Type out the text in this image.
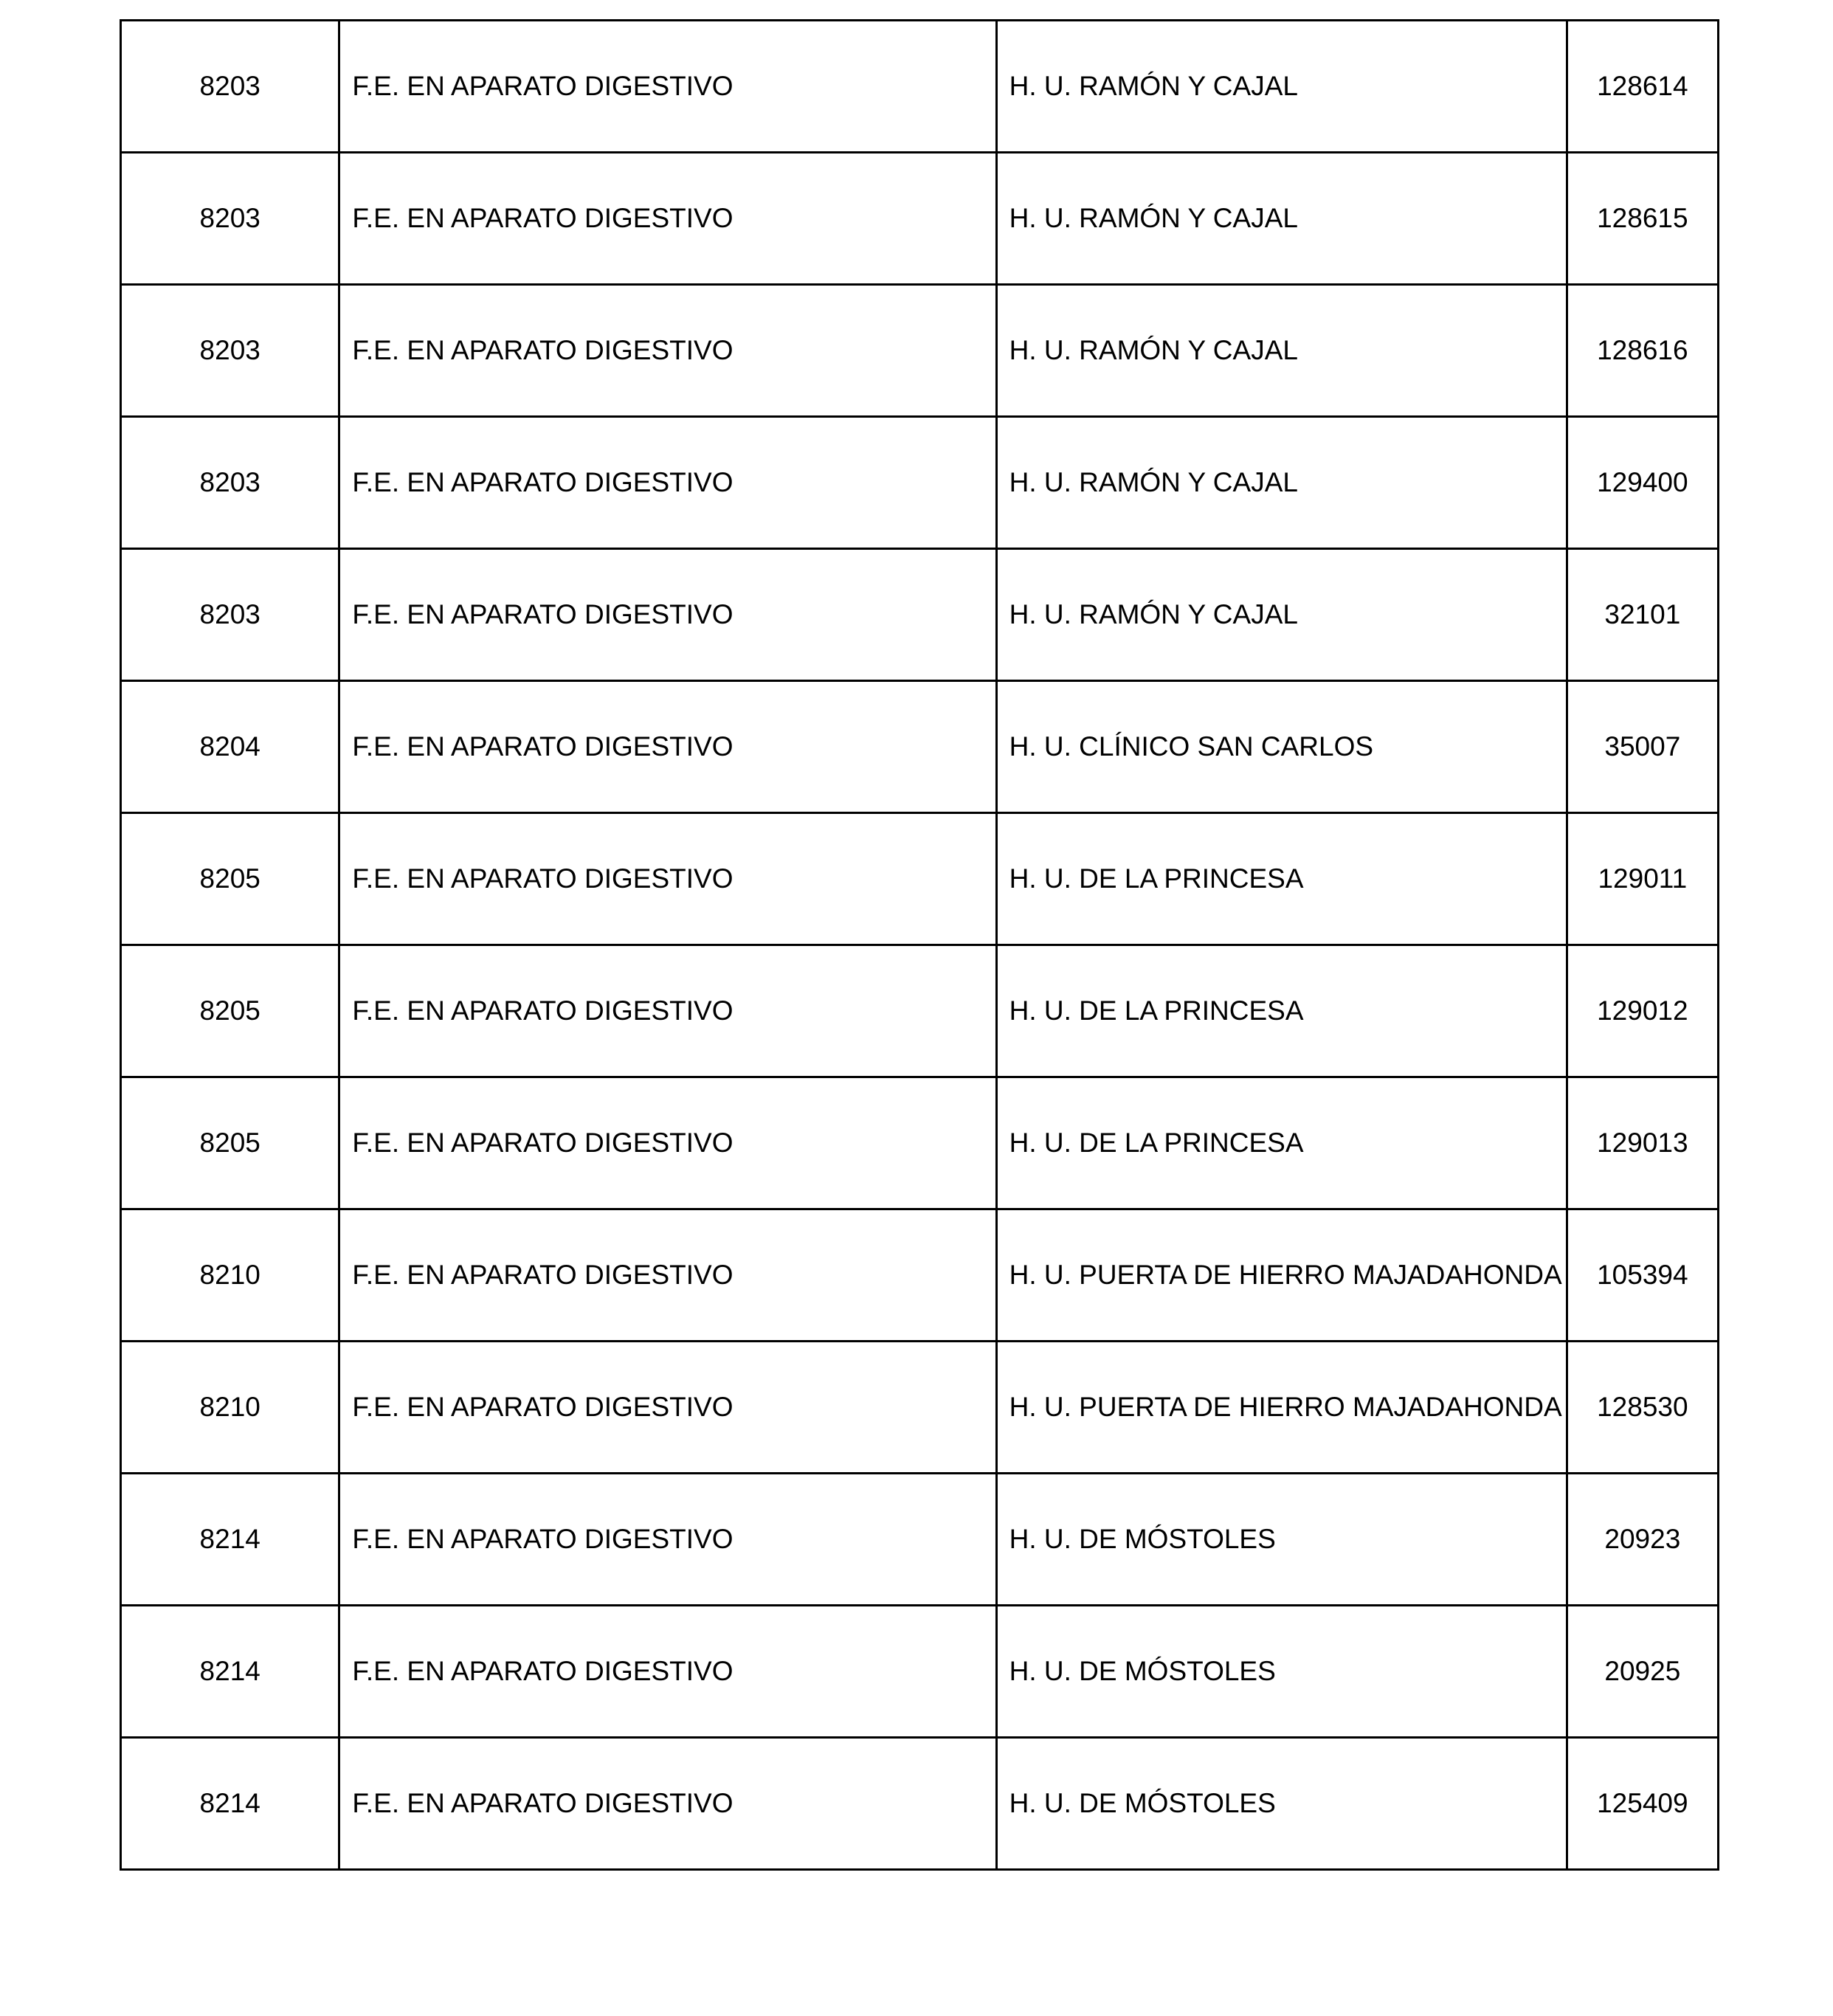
8203	F.E. EN APARATO DIGESTIVO	H. U. RAMÓN Y CAJAL	128614
8203	F.E. EN APARATO DIGESTIVO	H. U. RAMÓN Y CAJAL	128615
8203	F.E. EN APARATO DIGESTIVO	H. U. RAMÓN Y CAJAL	128616
8203	F.E. EN APARATO DIGESTIVO	H. U. RAMÓN Y CAJAL	129400
8203	F.E. EN APARATO DIGESTIVO	H. U. RAMÓN Y CAJAL	32101
8204	F.E. EN APARATO DIGESTIVO	H. U. CLÍNICO SAN CARLOS	35007
8205	F.E. EN APARATO DIGESTIVO	H. U. DE LA PRINCESA	129011
8205	F.E. EN APARATO DIGESTIVO	H. U. DE LA PRINCESA	129012
8205	F.E. EN APARATO DIGESTIVO	H. U. DE LA PRINCESA	129013
8210	F.E. EN APARATO DIGESTIVO	H. U. PUERTA DE HIERRO MAJADAHONDA	105394
8210	F.E. EN APARATO DIGESTIVO	H. U. PUERTA DE HIERRO MAJADAHONDA	128530
8214	F.E. EN APARATO DIGESTIVO	H. U. DE MÓSTOLES	20923
8214	F.E. EN APARATO DIGESTIVO	H. U. DE MÓSTOLES	20925
8214	F.E. EN APARATO DIGESTIVO	H. U. DE MÓSTOLES	125409
